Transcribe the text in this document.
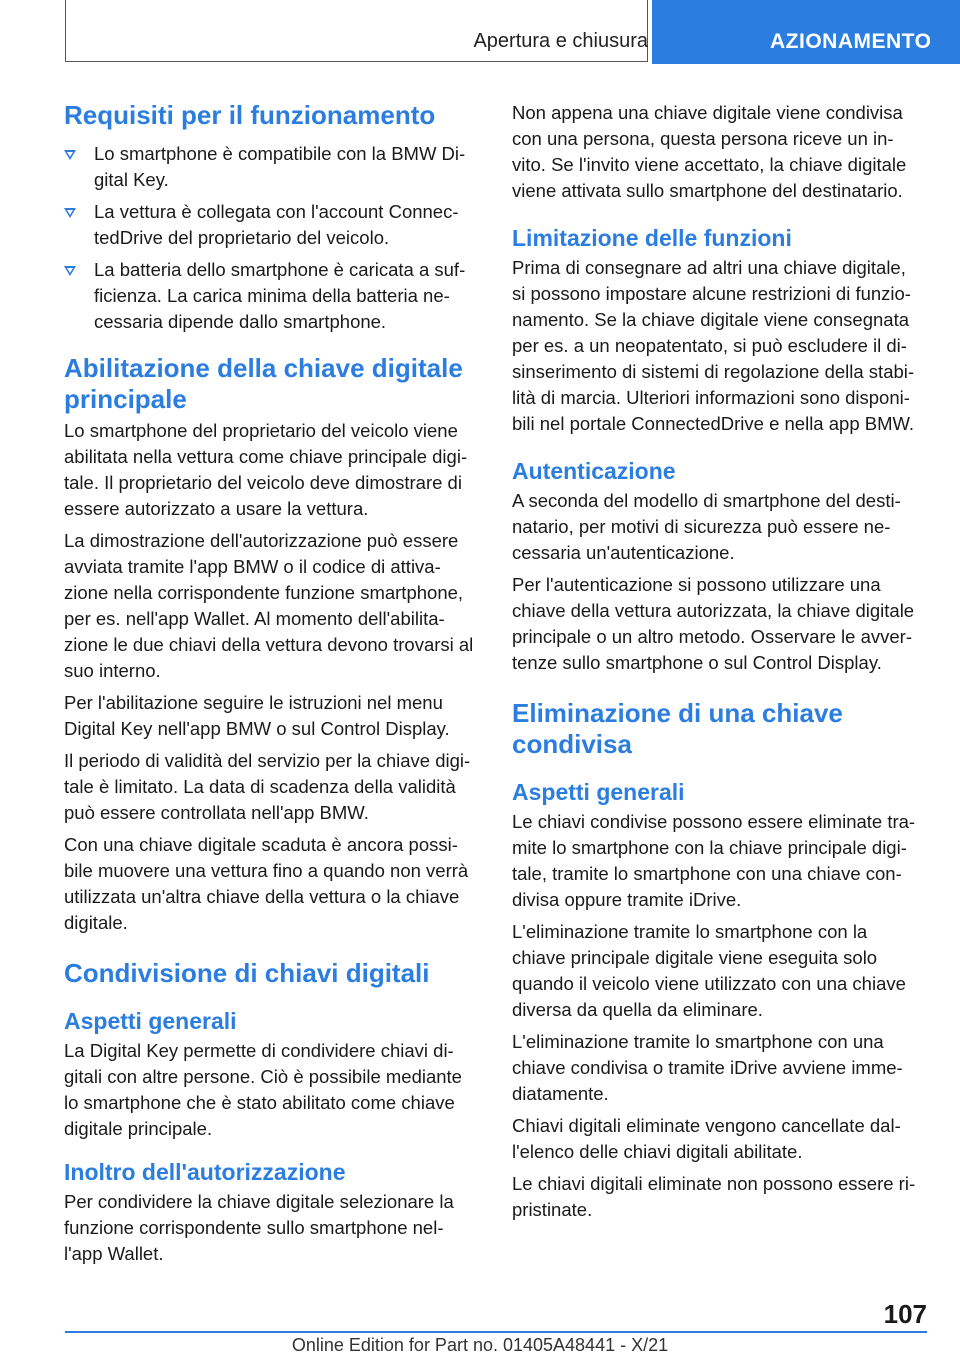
Apertura e chiusura	AZIONAMENTO
Requisiti per il funzionamento
Lo smartphone è compatibile con la BMW Di-
gital Key.
La vettura è collegata con l'account Connec-
tedDrive del proprietario del veicolo.
La batteria dello smartphone è caricata a suf-
ficienza. La carica minima della batteria ne-
cessaria dipende dallo smartphone.
Abilitazione della chiave digitale
principale

Lo smartphone del proprietario del veicolo viene
abilitata nella vettura come chiave principale digi-
tale. Il proprietario del veicolo deve dimostrare di
essere autorizzato a usare la vettura.

La dimostrazione dell'autorizzazione può essere
avviata tramite l'app BMW o il codice di attiva-
zione nella corrispondente funzione smartphone,
per es. nell'app Wallet. Al momento dell'abilita-
zione le due chiavi della vettura devono trovarsi al
suo interno.

Per l'abilitazione seguire le istruzioni nel menu
Digital Key nell'app BMW o sul Control Display.

Il periodo di validità del servizio per la chiave digi-
tale è limitato. La data di scadenza della validità
può essere controllata nell'app BMW.

Con una chiave digitale scaduta è ancora possi-
bile muovere una vettura fino a quando non verrà
utilizzata un'altra chiave della vettura o la chiave
digitale.

Condivisione di chiavi digitali
Aspetti generali

La Digital Key permette di condividere chiavi di-
gitali con altre persone. Ciò è possibile mediante
lo smartphone che è stato abilitato come chiave
digitale principale.

Inoltro dell'autorizzazione

Per condividere la chiave digitale selezionare la
funzione corrispondente sullo smartphone nel-
l'app Wallet.

Non appena una chiave digitale viene condivisa
con una persona, questa persona riceve un in-
vito. Se l'invito viene accettato, la chiave digitale
viene attivata sullo smartphone del destinatario.

Limitazione delle funzioni

Prima di consegnare ad altri una chiave digitale,
si possono impostare alcune restrizioni di funzio-
namento. Se la chiave digitale viene consegnata
per es. a un neopatentato, si può escludere il di-
sinserimento di sistemi di regolazione della stabi-
lità di marcia. Ulteriori informazioni sono disponi-
bili nel portale ConnectedDrive e nella app BMW.

Autenticazione

A seconda del modello di smartphone del desti-
natario, per motivi di sicurezza può essere ne-
cessaria un'autenticazione.

Per l'autenticazione si possono utilizzare una
chiave della vettura autorizzata, la chiave digitale
principale o un altro metodo. Osservare le avver-
tenze sullo smartphone o sul Control Display.

Eliminazione di una chiave
condivisa
Aspetti generali

Le chiavi condivise possono essere eliminate tra-
mite lo smartphone con la chiave principale digi-
tale, tramite lo smartphone con una chiave con-
divisa oppure tramite iDrive.

L'eliminazione tramite lo smartphone con la
chiave principale digitale viene eseguita solo
quando il veicolo viene utilizzato con una chiave
diversa da quella da eliminare.

L'eliminazione tramite lo smartphone con una
chiave condivisa o tramite iDrive avviene imme-
diatamente.

Chiavi digitali eliminate vengono cancellate dal-
l'elenco delle chiavi digitali abilitate.

Le chiavi digitali eliminate non possono essere ri-
pristinate.

107
Online Edition for Part no. 01405A48441 - X/21
